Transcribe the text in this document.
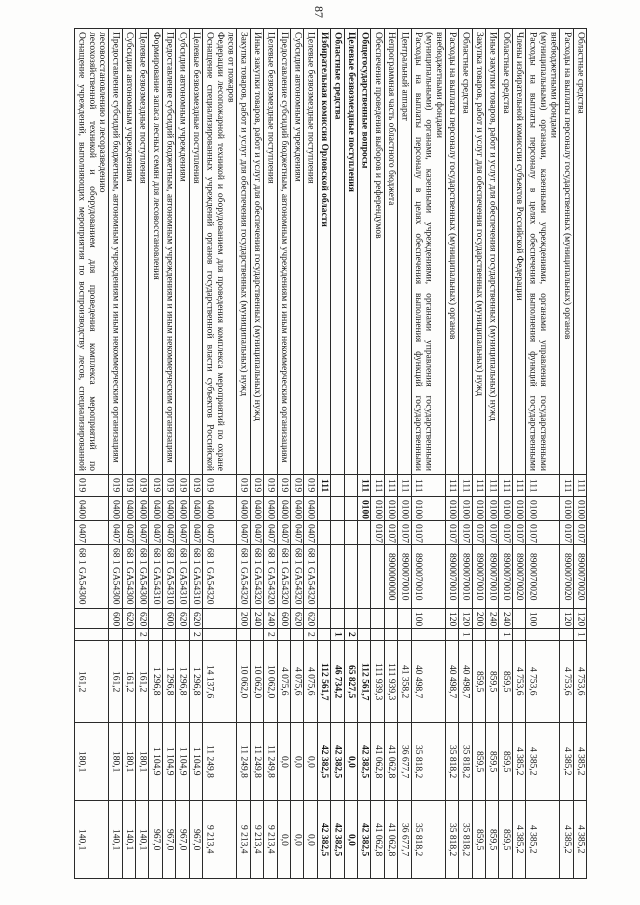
87
Оснащение учреждений, выполняющих мероприятия по воспроизводству лесов, специализированной лесохозяйственной техникой и оборудованием для проведения комплекса мероприятий по лесовосстановлению и лесоразведению
019
0400
0407
68 1 GA54300
161,2
180,1
140,1
Предоставление субсидий бюджетным, автономным учреждениям и иным некоммерческим организациям
019
0400
0407
68 1 GA54300
600
161,2
180,1
140,1
Субсидии автономным учреждениям
019
0400
0407
68 1 GA54300
620
161,2
180,1
140,1
Целевые безвозмездные поступления
019
0400
0407
68 1 GA54300
620
2
161,2
180,1
140,1
Формирование запаса лесных семян для лесовосстановления
019
0400
0407
68 1 GA54310
1 296,8
1 104,9
967,0
Предоставление субсидий бюджетным, автономным учреждениям и иным некоммерческим организациям
019
0400
0407
68 1 GA54310
600
1 296,8
1 104,9
967,0
Субсидии автономным учреждениям
019
0400
0407
68 1 GA54310
620
1 296,8
1 104,9
967,0
Целевые безвозмездные поступления
019
0400
0407
68 1 GA54310
620
2
1 296,8
1 104,9
967,0
Оснащение специализированных учреждений органов государственной власти субъектов Российской Федерации лесопожарной техникой и оборудованием для проведения комплекса мероприятий по охране лесов от пожаров
019
0400
0407
68 1 GA54320
14 137,6
11 249,8
9 213,4
Закупка товаров, работ и услуг для обеспечения государственных (муниципальных) нужд
019
0400
0407
68 1 GA54320
200
10 062,0
11 249,8
9 213,4
Иные закупки товаров, работ и услуг для обеспечения государственных (муниципальных) нужд
019
0400
0407
68 1 GA54320
240
10 062,0
11 249,8
9 213,4
Целевые безвозмездные поступления
019
0400
0407
68 1 GA54320
240
2
10 062,0
11 249,8
9 213,4
Предоставление субсидий бюджетным, автономным учреждениям и иным некоммерческим организациям
019
0400
0407
68 1 GA54320
600
4 075,6
0,0
0,0
Субсидии автономным учреждениям
019
0400
0407
68 1 GA54320
620
4 075,6
0,0
0,0
Целевые безвозмездные поступления
019
0400
0407
68 1 GA54320
620
2
4 075,6
0,0
0,0
Избирательная комиссия Орловской области
111
112 561,7
42 382,5
42 382,5
Областные средства
1
46 734,2
42 382,5
42 382,5
Целевые безвозмездные поступления
2
65 827,5
0,0
0,0
Общегосударственные вопросы
111
0100
112 561,7
42 382,5
42 382,5
Обеспечение проведения выборов и референдумов
111
0100
0107
111 939,3
41 062,8
41 062,8
Непрограммная часть областного бюджета
111
0100
0107
8900000000
111 939,3
41 062,8
41 062,8
Центральный аппарат
111
0100
0107
8900070010
41 358,2
36 677,7
36 677,7
Расходы на выплаты персоналу в целях обеспечения выполнения функций государственными (муниципальными) органами, казенными учреждениями, органами управления государственными внебюджетными фондами
111
0100
0107
8900070010
100
40 498,7
35 818,2
35 818,2
Расходы на выплаты персоналу государственных (муниципальных) органов
111
0100
0107
8900070010
120
40 498,7
35 818,2
35 818,2
Областные средства
111
0100
0107
8900070010
120
1
40 498,7
35 818,2
35 818,2
Закупка товаров, работ и услуг для обеспечения государственных (муниципальных) нужд
111
0100
0107
8900070010
200
859,5
859,5
859,5
Иные закупки товаров, работ и услуг для обеспечения государственных (муниципальных) нужд
111
0100
0107
8900070010
240
859,5
859,5
859,5
Областные средства
111
0100
0107
8900070010
240
1
859,5
859,5
859,5
Члены избирательной комиссии субъектов Российской Федерации
111
0100
0107
8900070020
4 753,6
4 385,2
4 385,2
Расходы на выплаты персоналу в целях обеспечения выполнения функций государственными (муниципальными) органами, казенными учреждениями, органами управления государственными внебюджетными фондами
111
0100
0107
8900070020
100
4 753,6
4 385,2
4 385,2
Расходы на выплаты персоналу государственных (муниципальных) органов
111
0100
0107
8900070020
120
4 753,6
4 385,2
4 385,2
Областные средства
111
0100
0107
8900070020
120
1
4 753,6
4 385,2
4 385,2
